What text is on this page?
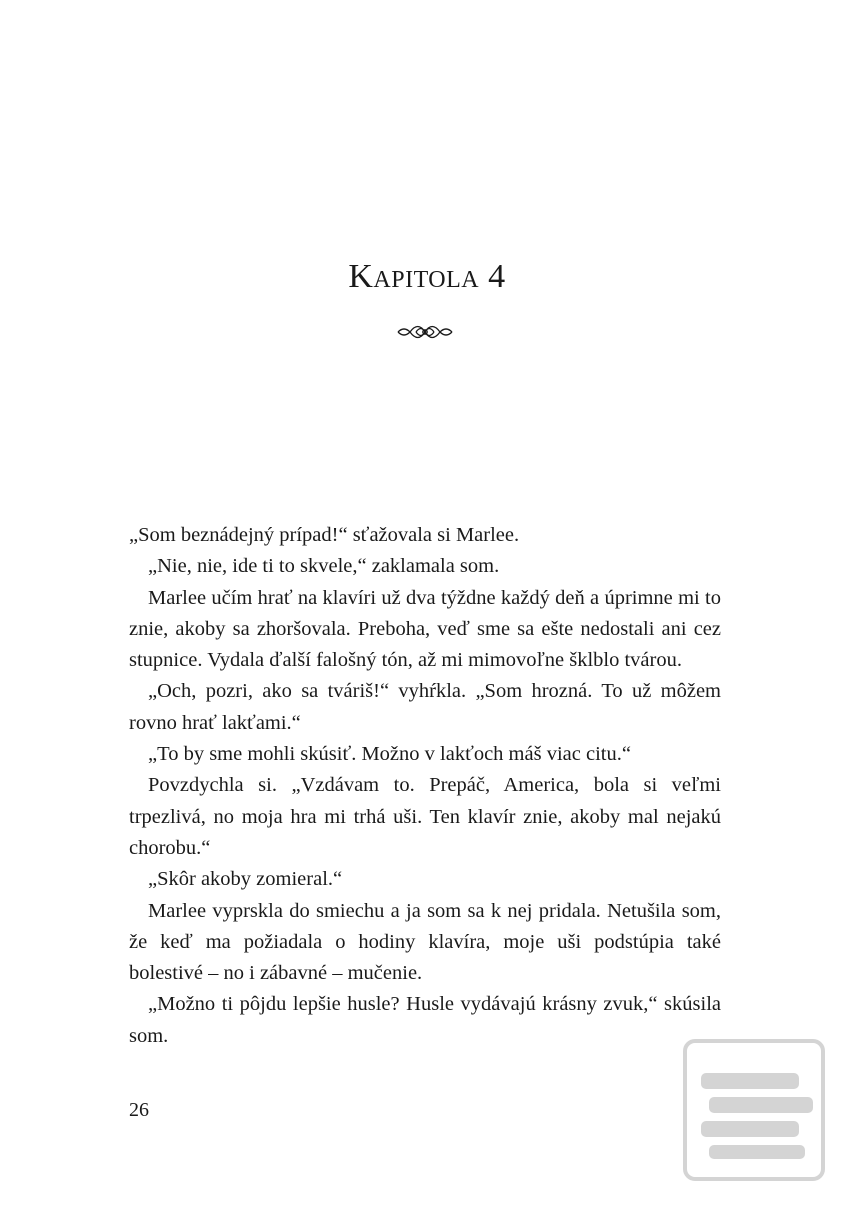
Kapitola 4

„Som beznádejný prípad!“ sťažovala si Marlee.

„Nie, nie, ide ti to skvele,“ zaklamala som.

Marlee učím hrať na klavíri už dva týždne každý deň a úprimne mi to znie, akoby sa zhoršovala. Preboha, veď sme sa ešte nedostali ani cez stupnice. Vydala ďalší falošný tón, až mi mimovoľne šklblo tvárou.

„Och, pozri, ako sa tváriš!“ vyhŕkla. „Som hrozná. To už môžem rovno hrať lakťami.“

„To by sme mohli skúsiť. Možno v lakťoch máš viac citu.“

Povzdychla si. „Vzdávam to. Prepáč, America, bola si veľmi trpezlivá, no moja hra mi trhá uši. Ten klavír znie, akoby mal nejakú chorobu.“

„Skôr akoby zomieral.“

Marlee vyprskla do smiechu a ja som sa k nej pridala. Netušila som, že keď ma požiadala o hodiny klavíra, moje uši podstúpia také bolestivé – no i zábavné – mučenie.

„Možno ti pôjdu lepšie husle? Husle vydávajú krásny zvuk,“ skúsila som.

26
